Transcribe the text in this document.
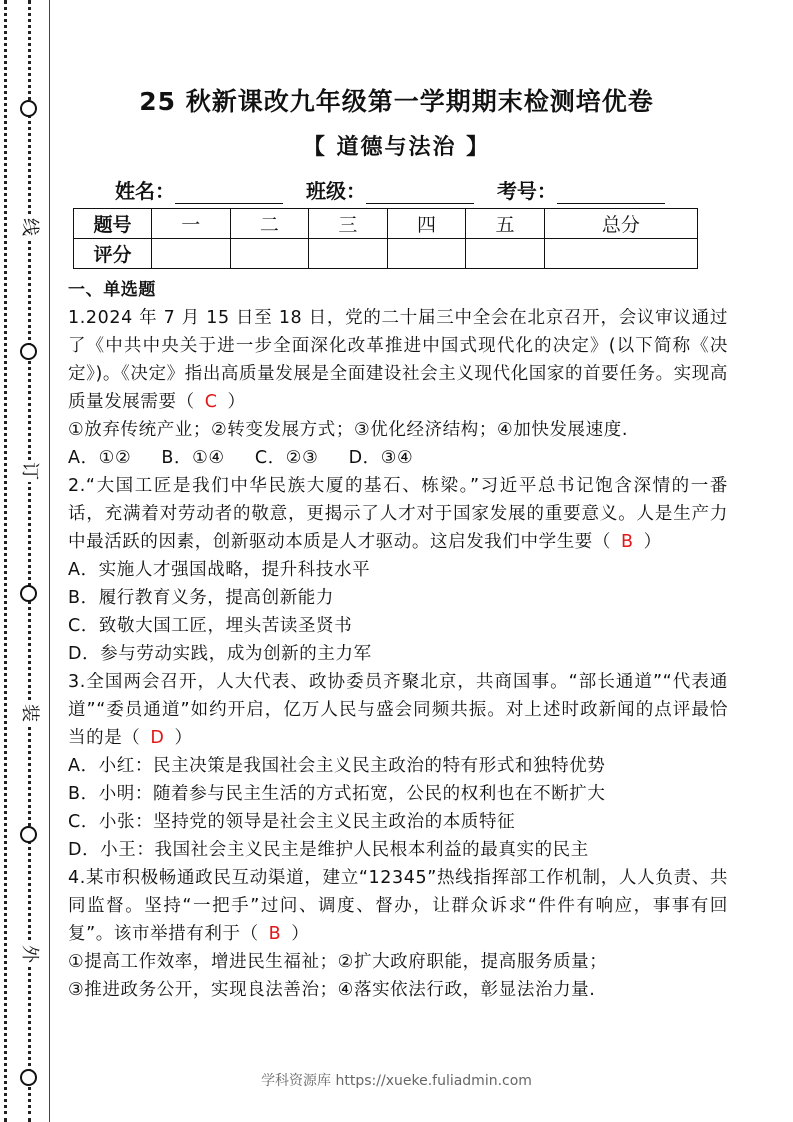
线
订
装
外
25 秋新课改九年级第一学期期末检测培优卷
【 道德与法治 】
姓名：	班级：	考号：
题号	一	二	三	四	五	总分
评分						

一、单选题

1.2024 年 7 月 15 日至 18 日，党的二十届三中全会在北京召开，会议审议通过了《中共中央关于进一步全面深化改革推进中国式现代化的决定》(以下简称《决定》)。《决定》指出高质量发展是全面建设社会主义现代化国家的首要任务。实现高质量发展需要（ C ）

①放弃传统产业；②转变发展方式；③优化经济结构；④加快发展速度.

A．①② B．①④ C．②③ D．③④

2.“大国工匠是我们中华民族大厦的基石、栋梁。”习近平总书记饱含深情的一番话，充满着对劳动者的敬意，更揭示了人才对于国家发展的重要意义。人是生产力中最活跃的因素，创新驱动本质是人才驱动。这启发我们中学生要（ B ）

A．实施人才强国战略，提升科技水平

B．履行教育义务，提高创新能力

C．致敬大国工匠，埋头苦读圣贤书

D．参与劳动实践，成为创新的主力军

3.全国两会召开，人大代表、政协委员齐聚北京，共商国事。“部长通道”“代表通道”“委员通道”如约开启，亿万人民与盛会同频共振。对上述时政新闻的点评最恰当的是（ D ）

A．小红：民主决策是我国社会主义民主政治的特有形式和独特优势

B．小明：随着参与民主生活的方式拓宽，公民的权利也在不断扩大

C．小张：坚持党的领导是社会主义民主政治的本质特征

D．小王：我国社会主义民主是维护人民根本利益的最真实的民主

4.某市积极畅通政民互动渠道，建立“12345”热线指挥部工作机制，人人负责、共同监督。坚持“一把手”过问、调度、督办，让群众诉求“件件有响应，事事有回复”。该市举措有利于（ B ）

①提高工作效率，增进民生福祉；②扩大政府职能，提高服务质量；

③推进政务公开，实现良法善治；④落实依法行政，彰显法治力量.

学科资源库 https://xueke.fuliadmin.com
